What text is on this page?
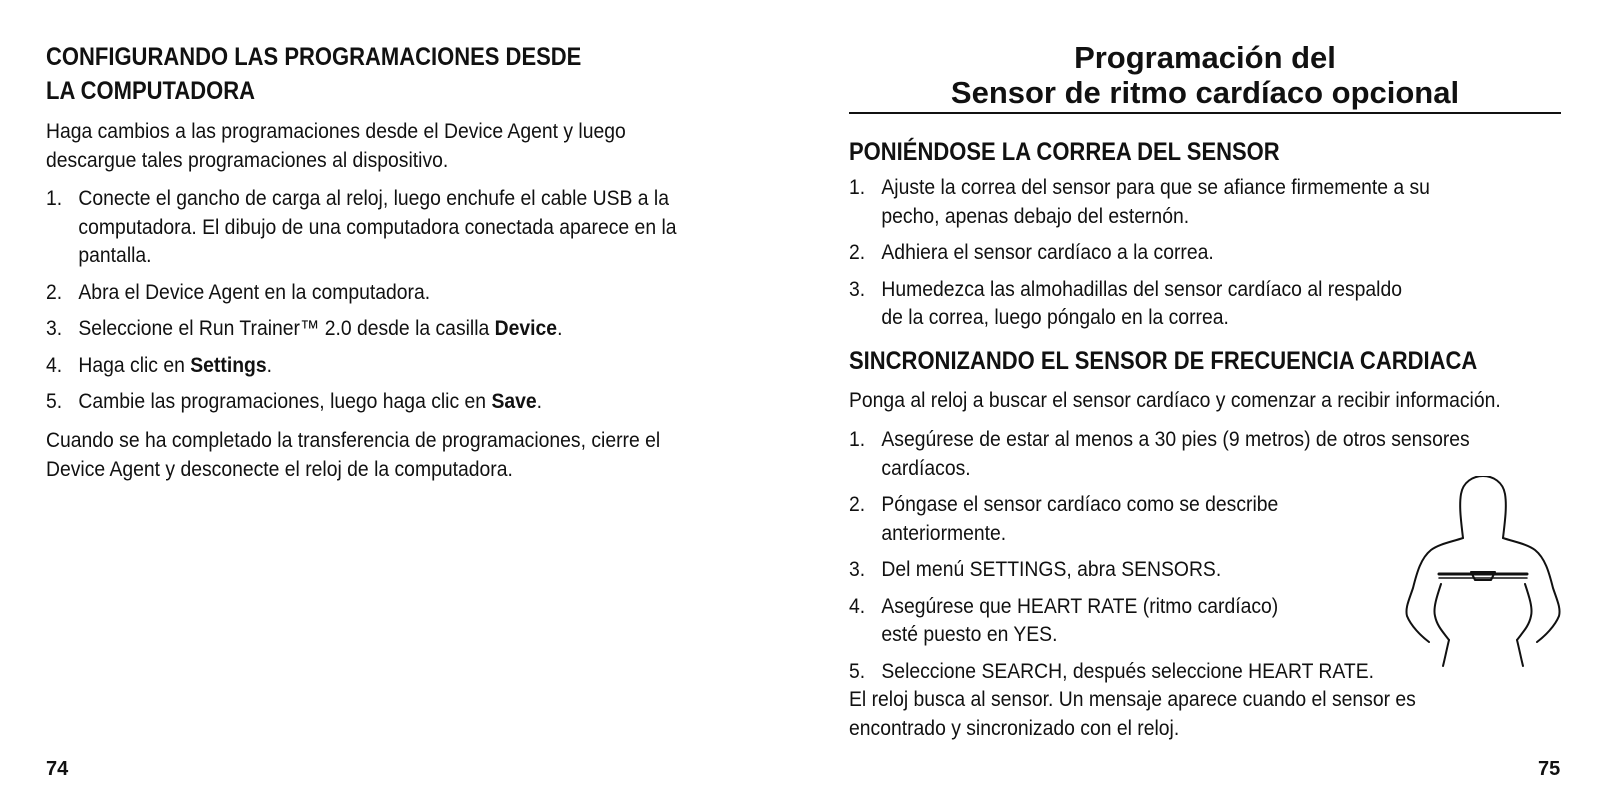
CONFIGURANDO LAS PROGRAMACIONES DESDE
LA COMPUTADORA
Haga cambios a las programaciones desde el Device Agent y luego
descargue tales programaciones al dispositivo.
1. Conecte el gancho de carga al reloj, luego enchufe el cable USB a la
computadora. El dibujo de una computadora conectada aparece en la
pantalla.
2. Abra el Device Agent en la computadora.
3. Seleccione el Run Trainer™ 2.0 desde la casilla Device.
4. Haga clic en Settings.
5. Cambie las programaciones, luego haga clic en Save.
Cuando se ha completado la transferencia de programaciones, cierre el
Device Agent y desconecte el reloj de la computadora.
74
Programación del
Sensor de ritmo cardíaco opcional
PONIÉNDOSE LA CORREA DEL SENSOR
1. Ajuste la correa del sensor para que se afiance firmemente a su
pecho, apenas debajo del esternón.
2. Adhiera el sensor cardíaco a la correa.
3. Humedezca las almohadillas del sensor cardíaco al respaldo
de la correa, luego póngalo en la correa.
SINCRONIZANDO EL SENSOR DE FRECUENCIA CARDIACA
Ponga al reloj a buscar el sensor cardíaco y comenzar a recibir información.
1. Asegúrese de estar al menos a 30 pies (9 metros) de otros sensores
cardíacos.
2. Póngase el sensor cardíaco como se describe
anteriormente.
3. Del menú SETTINGS, abra SENSORS.
4. Asegúrese que HEART RATE (ritmo cardíaco)
esté puesto en YES.
5. Seleccione SEARCH, después seleccione HEART RATE.
El reloj busca al sensor. Un mensaje aparece cuando el sensor es
encontrado y sincronizado con el reloj.
75
